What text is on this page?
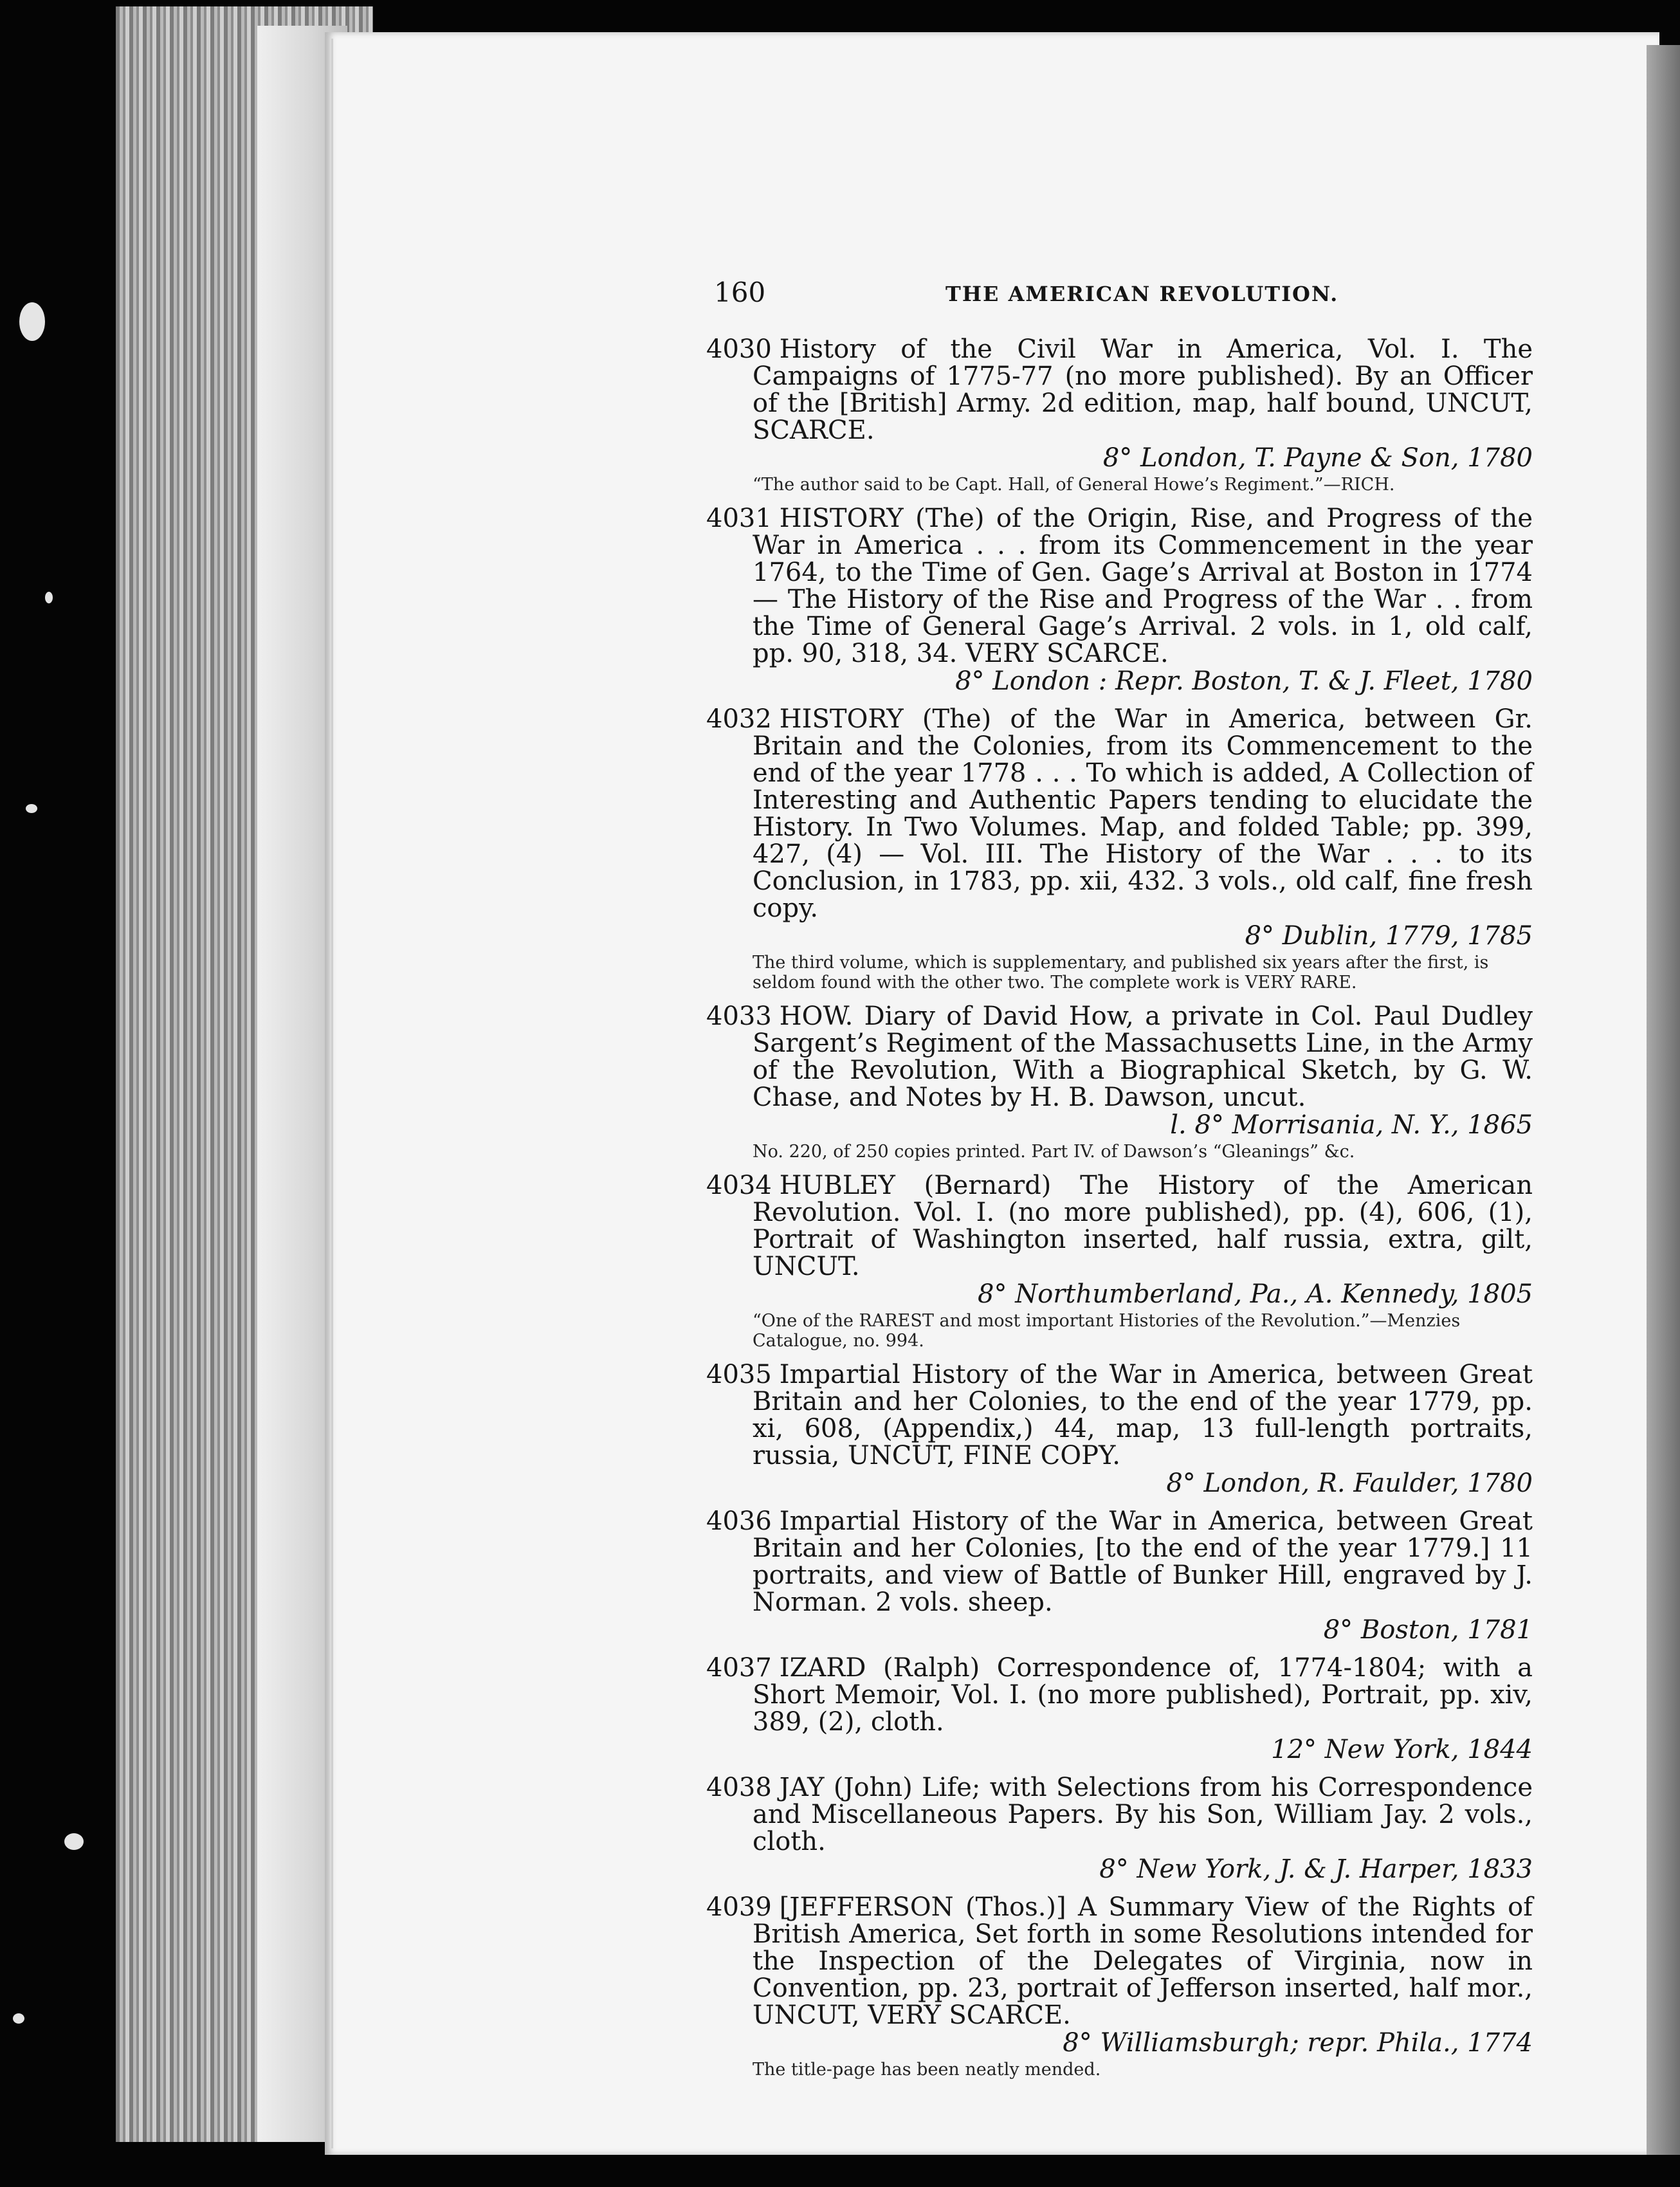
160	THE AMERICAN REVOLUTION.
4030 History of the Civil War in America, Vol. I. The Campaigns of 1775-77 (no more published). By an Officer of the [British] Army. 2d edition, map, half bound, UNCUT, SCARCE.
8° London, T. Payne & Son, 1780
“The author said to be Capt. Hall, of General Howe’s Regiment.”—RICH.
4031 HISTORY (The) of the Origin, Rise, and Progress of the War in America . . . from its Commencement in the year 1764, to the Time of Gen. Gage’s Arrival at Boston in 1774 — The History of the Rise and Progress of the War . . from the Time of General Gage’s Arrival. 2 vols. in 1, old calf, pp. 90, 318, 34. VERY SCARCE.
8° London : Repr. Boston, T. & J. Fleet, 1780
4032 HISTORY (The) of the War in America, between Gr. Britain and the Colonies, from its Commencement to the end of the year 1778 . . . To which is added, A Collection of Interesting and Authentic Papers tending to elucidate the History. In Two Volumes. Map, and folded Table; pp. 399, 427, (4) — Vol. III. The History of the War . . . to its Conclusion, in 1783, pp. xii, 432. 3 vols., old calf, fine fresh copy.
8° Dublin, 1779, 1785
The third volume, which is supplementary, and published six years after the first, is seldom found with the other two. The complete work is VERY RARE.
4033 HOW. Diary of David How, a private in Col. Paul Dudley Sargent’s Regiment of the Massachusetts Line, in the Army of the Revolution, With a Biographical Sketch, by G. W. Chase, and Notes by H. B. Dawson, uncut.
l. 8° Morrisania, N. Y., 1865
No. 220, of 250 copies printed. Part IV. of Dawson’s “Gleanings” &c.
4034 HUBLEY (Bernard) The History of the American Revolution. Vol. I. (no more published), pp. (4), 606, (1), Portrait of Washington inserted, half russia, extra, gilt, UNCUT.
8° Northumberland, Pa., A. Kennedy, 1805
“One of the RAREST and most important Histories of the Revolution.”—Menzies Catalogue, no. 994.
4035 Impartial History of the War in America, between Great Britain and her Colonies, to the end of the year 1779, pp. xi, 608, (Appendix,) 44, map, 13 full-length portraits, russia, UNCUT, FINE COPY.
8° London, R. Faulder, 1780
4036 Impartial History of the War in America, between Great Britain and her Colonies, [to the end of the year 1779.] 11 portraits, and view of Battle of Bunker Hill, engraved by J. Norman. 2 vols. sheep.
8° Boston, 1781
4037 IZARD (Ralph) Correspondence of, 1774-1804; with a Short Memoir, Vol. I. (no more published), Portrait, pp. xiv, 389, (2), cloth.
12° New York, 1844
4038 JAY (John) Life; with Selections from his Correspondence and Miscellaneous Papers. By his Son, William Jay. 2 vols., cloth.
8° New York, J. & J. Harper, 1833
4039 [JEFFERSON (Thos.)] A Summary View of the Rights of British America, Set forth in some Resolutions intended for the Inspection of the Delegates of Virginia, now in Convention, pp. 23, portrait of Jefferson inserted, half mor., UNCUT, VERY SCARCE.
8° Williamsburgh; repr. Phila., 1774
The title-page has been neatly mended.
